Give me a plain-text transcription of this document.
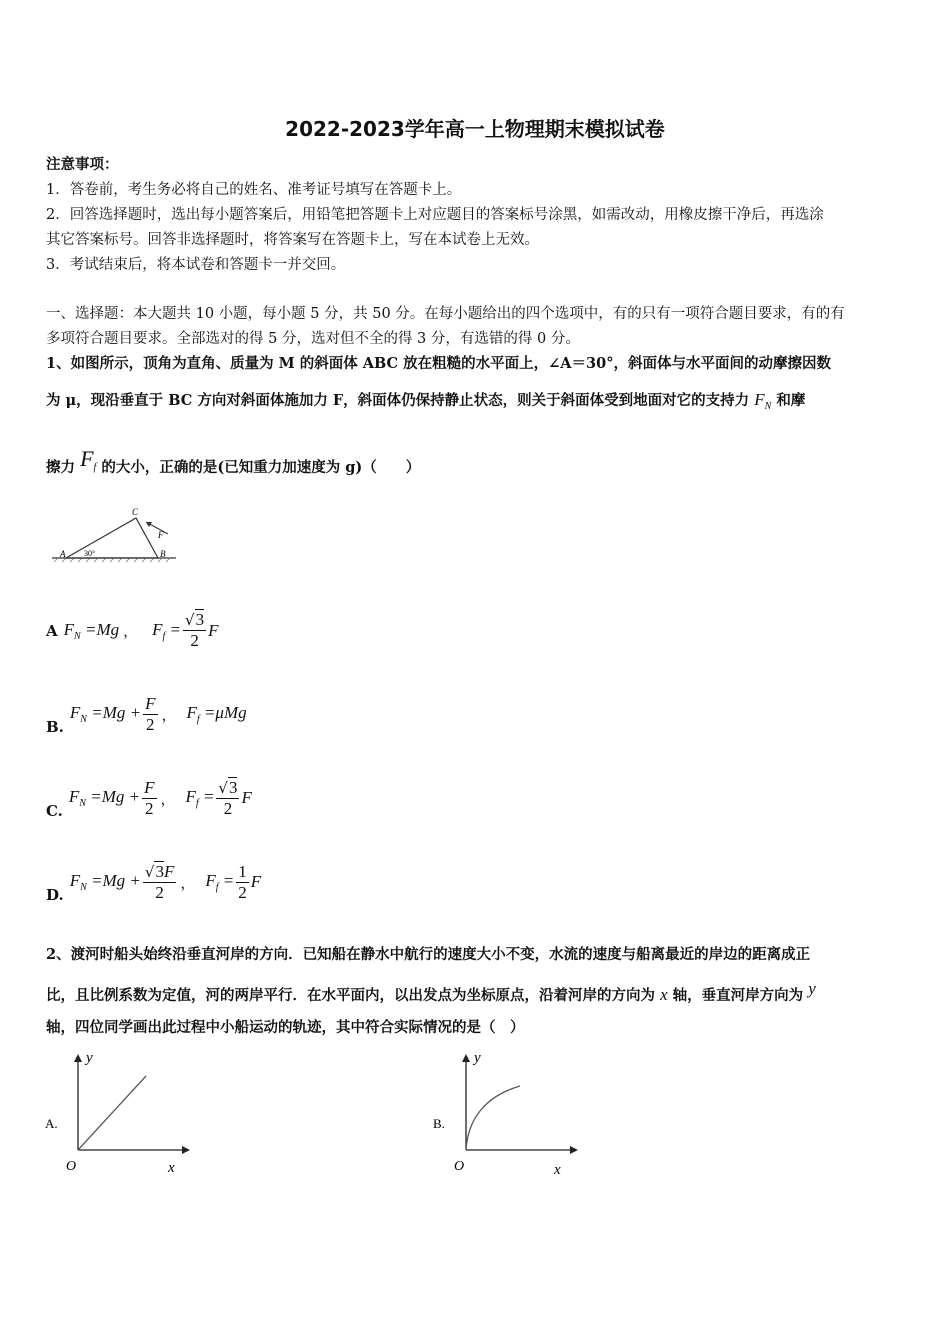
2022-2023学年高一上物理期末模拟试卷
注意事项：
1．答卷前，考生务必将自己的姓名、准考证号填写在答题卡上。
2．回答选择题时，选出每小题答案后，用铅笔把答题卡上对应题目的答案标号涂黑，如需改动，用橡皮擦干净后，再选涂
其它答案标号。回答非选择题时，将答案写在答题卡上，写在本试卷上无效。
3．考试结束后，将本试卷和答题卡一并交回。
一、选择题：本大题共 10 小题，每小题 5 分，共 50 分。在每小题给出的四个选项中，有的只有一项符合题目要求，有的有
多项符合题目要求。全部选对的得 5 分，选对但不全的得 3 分，有选错的得 0 分。
1、如图所示，顶角为直角、质量为 M 的斜面体 ABC 放在粗糙的水平面上，∠A＝30°，斜面体与水平面间的动摩擦因数
为 μ，现沿垂直于 BC 方向对斜面体施加力 F，斜面体仍保持静止状态，则关于斜面体受到地面对它的支持力 $F_N$ 和摩
擦力 $F_f$ 的大小，正确的是(已知重力加速度为 g)（　　）
A	B
C
F
30°
A $F_N =Mg$ ， $F_f = \frac{√3}{2}$ F
B.
$F_N =Mg + \frac{F}{2}$ ， $F_f =\mu Mg$
C.
$F_N =Mg + \frac{F}{2}$ ， $F_f = \frac{√3}{2}$ F
D.
$F_N =Mg + \frac{√3F}{2}$ ， $F_f = \frac{1}{2}$ F
2、渡河时船头始终沿垂直河岸的方向．已知船在静水中航行的速度大小不变，水流的速度与船离最近的岸边的距离成正
比，且比例系数为定值，河的两岸平行．在水平面内，以出发点为坐标原点，沿着河岸的方向为 x 轴，垂直河岸方向为 y
轴，四位同学画出此过程中小船运动的轨迹，其中符合实际情况的是（　）
A.
O	x
y
B.
O	x
y
